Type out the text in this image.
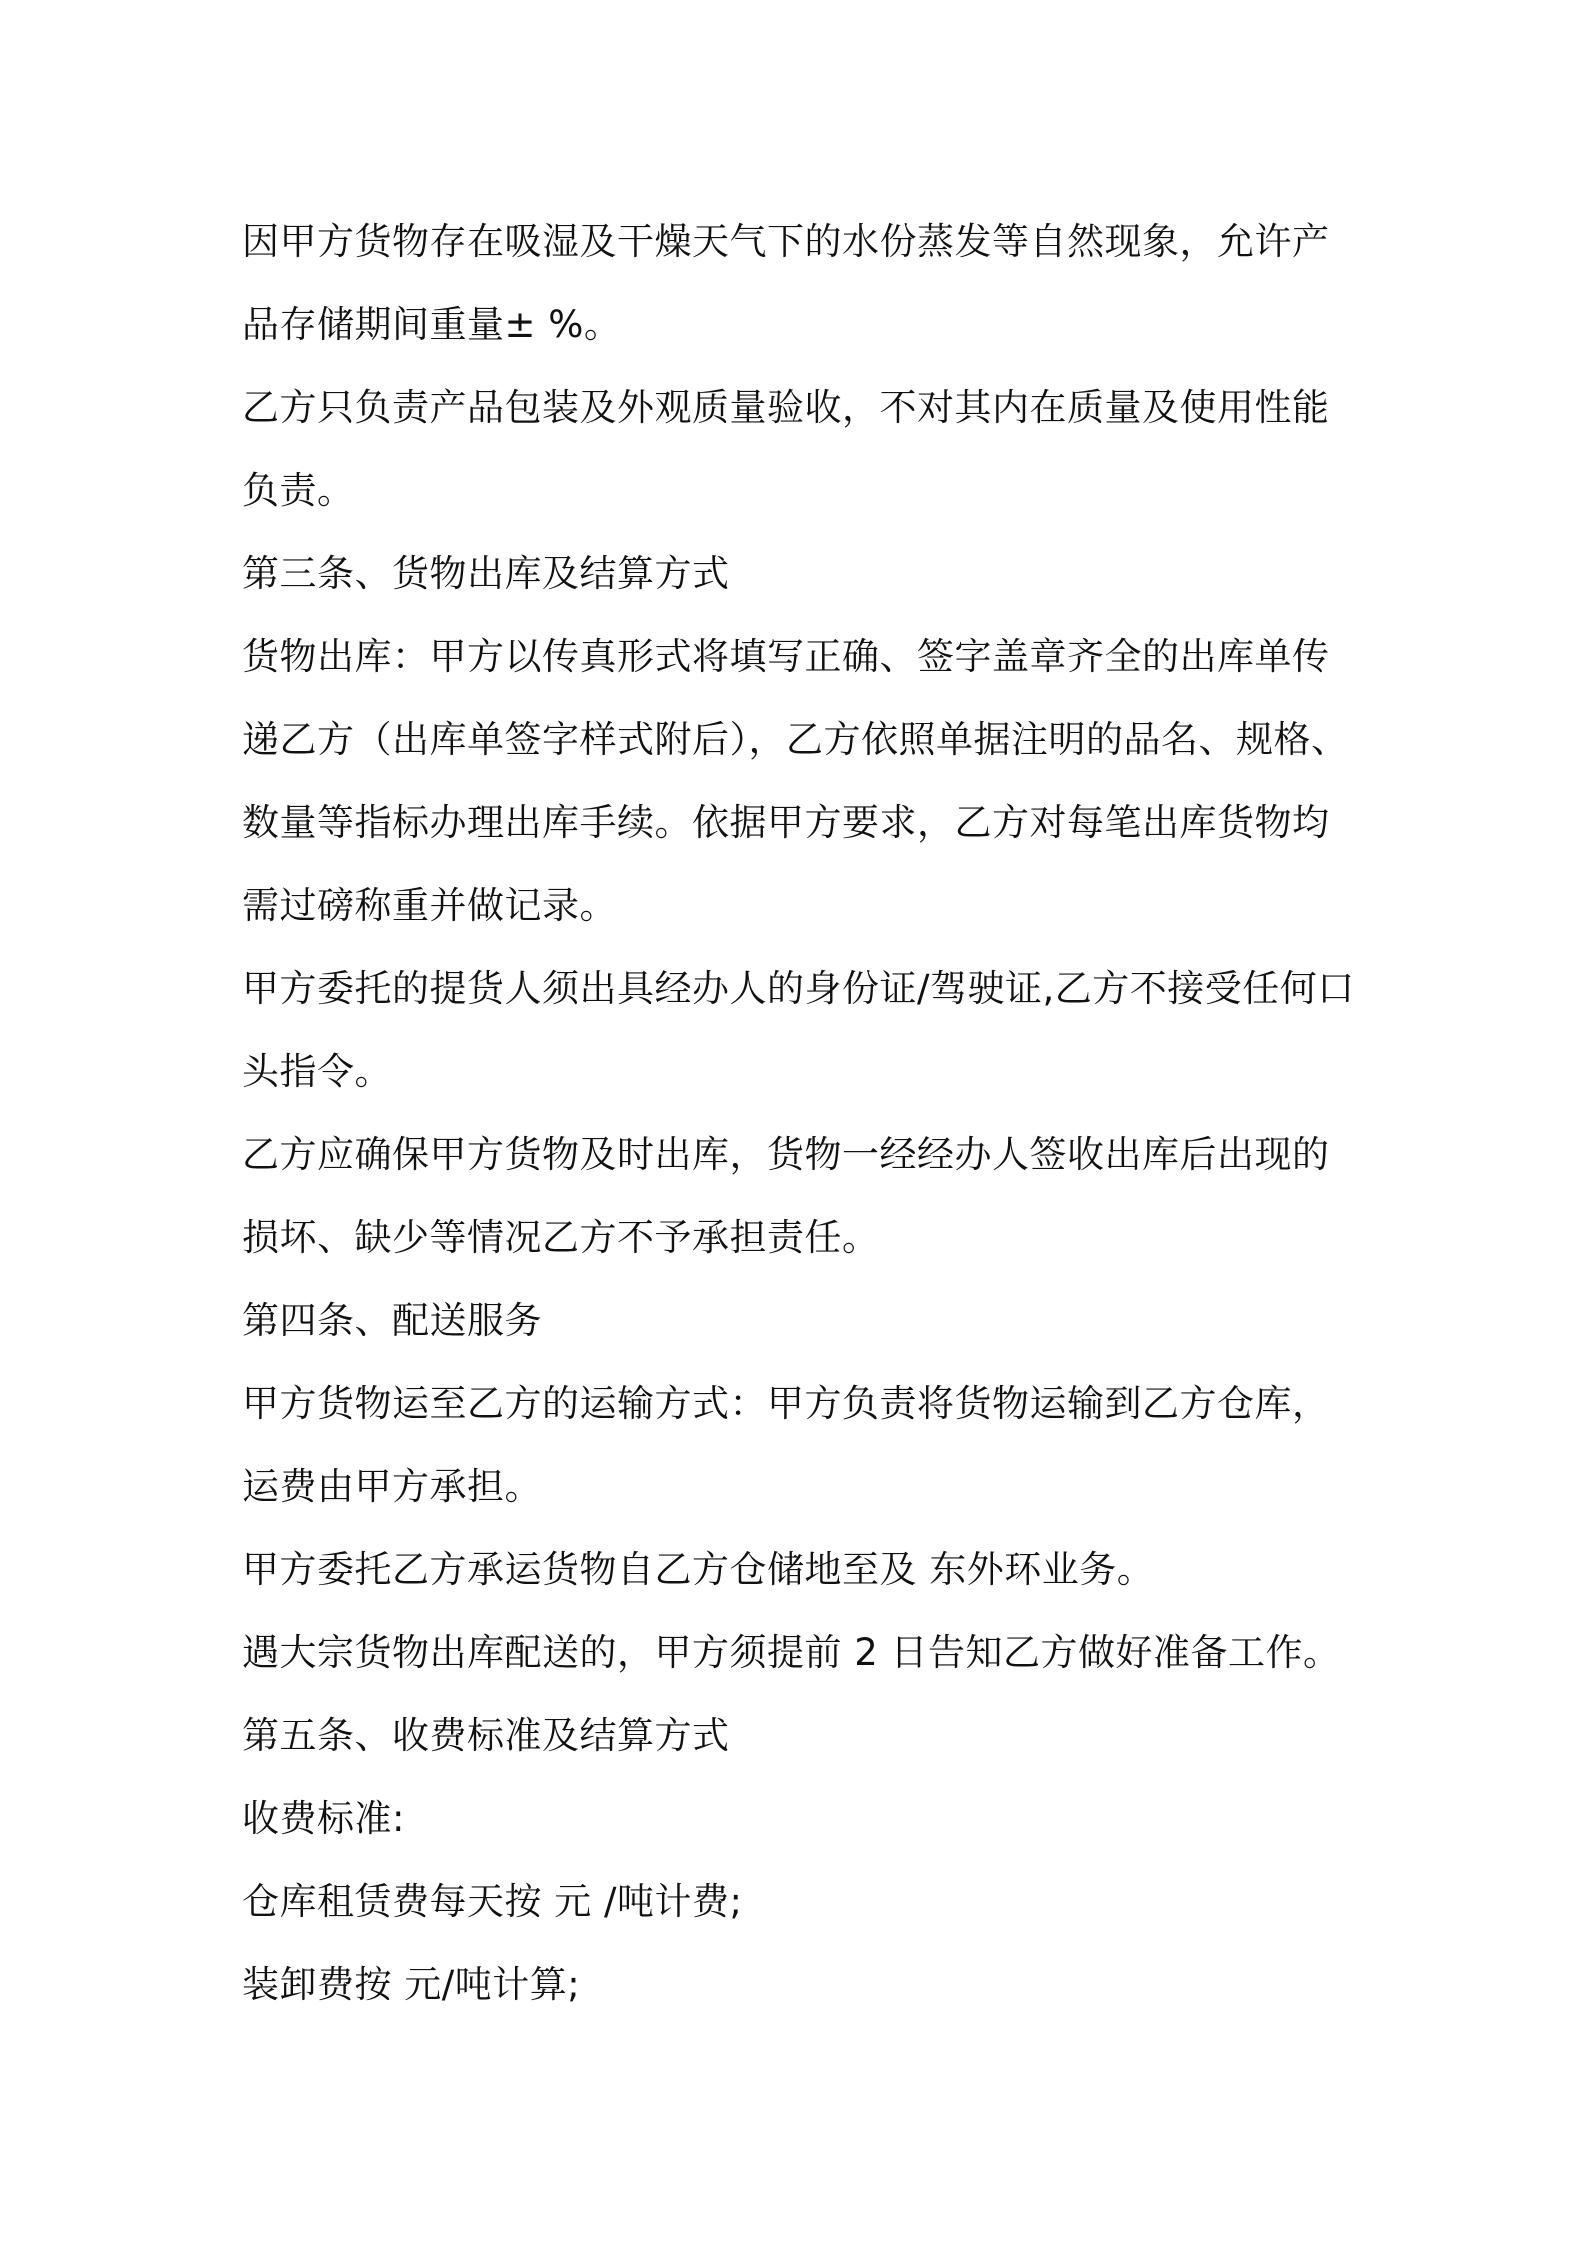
因甲方货物存在吸湿及干燥天气下的水份蒸发等自然现象，允许产品存储期间重量± %。

乙方只负责产品包装及外观质量验收，不对其内在质量及使用性能负责。

第三条、货物出库及结算方式

货物出库：甲方以传真形式将填写正确、签字盖章齐全的出库单传递乙方（出库单签字样式附后），乙方依照单据注明的品名、规格、数量等指标办理出库手续。依据甲方要求，乙方对每笔出库货物均需过磅称重并做记录。

甲方委托的提货人须出具经办人的身份证/驾驶证,乙方不接受任何口头指令。

乙方应确保甲方货物及时出库，货物一经经办人签收出库后出现的损坏、缺少等情况乙方不予承担责任。

第四条、配送服务

甲方货物运至乙方的运输方式：甲方负责将货物运输到乙方仓库，运费由甲方承担。

甲方委托乙方承运货物自乙方仓储地至及 东外环业务。

遇大宗货物出库配送的，甲方须提前 2 日告知乙方做好准备工作。

第五条、收费标准及结算方式

收费标准:

仓库租赁费每天按 元 /吨计费;

装卸费按 元/吨计算;
